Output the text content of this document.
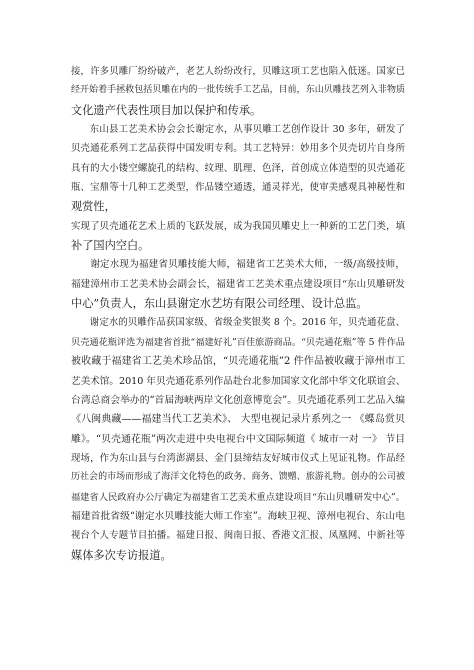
接，许多贝雕厂纷纷破产，老艺人纷纷改行，贝雕这项工艺也陷入低迷。国家已
经开始着手拯救包括贝雕在内的一批传统手工艺品，目前，东山贝雕技艺列入非物质
文化遗产代表性项目加以保护和传承。
东山县工艺美术协会会长谢定水，从事贝雕工艺创作设计 30 多年，研发了
贝壳通花系列工艺品获得中国发明专利。其工艺特异：妙用多个贝壳切片自身所
具有的大小镂空螺旋孔的结构、纹理、肌理、色泽，首创成立体造型的贝壳通花
瓶、宝鼎等十几种工艺类型，作品镂空通透，通灵祥光，使审美感观具神秘性和
观赏性，
实现了贝壳通花艺术上质的飞跃发展，成为我国贝雕史上一种新的工艺门类，填
补了国内空白。
谢定水现为福建省贝雕技能大师，福建省工艺美术大师，一级/高级技师，
福建漳州市工艺美术协会副会长，福建省工艺美术重点建设项目“东山贝雕研发
中心”负责人，东山县谢定水艺坊有限公司经理、设计总监。
谢定水的贝雕作品获国家级、省级金奖银奖 8 个。2016 年，贝壳通花盘、
贝壳通花瓶评选为福建省首批“福建好礼”百佳旅游商品。“贝壳通花瓶”等 5 件作品
被收藏于福建省工艺美术珍品馆，“贝壳通花瓶”2 件作品被收藏于漳州市工
艺美术馆。2010 年贝壳通花系列作品赴台北参加国家文化部中华文化联谊会、
台湾总商会举办的“首届海峡两岸文化创意博览会”。贝壳通花系列工艺品入编
《八闽典藏——福建当代工艺美术》、 大型电视记录片系列之一 《蝶岛赏贝
雕》。“贝壳通花瓶”两次走进中央电视台中文国际频道《 城市一对 一》 节目
现场，作为东山县与台湾澎湖县、金门县缔结友好城市仪式上见证礼物。作品经
历社会的市场而形成了海洋文化特色的政务、商务、馈赠、旅游礼物。创办的公司被
福建省人民政府办公厅确定为福建省工艺美术重点建设项目“东山贝雕研发中心”。
福建首批省级“谢定水贝雕技能大师工作室”。海峡卫视、漳州电视台、东山电
视台个人专题节目拍播。福建日报、闽南日报、香港文汇报、凤凰网、中新社等
媒体多次专访报道。
